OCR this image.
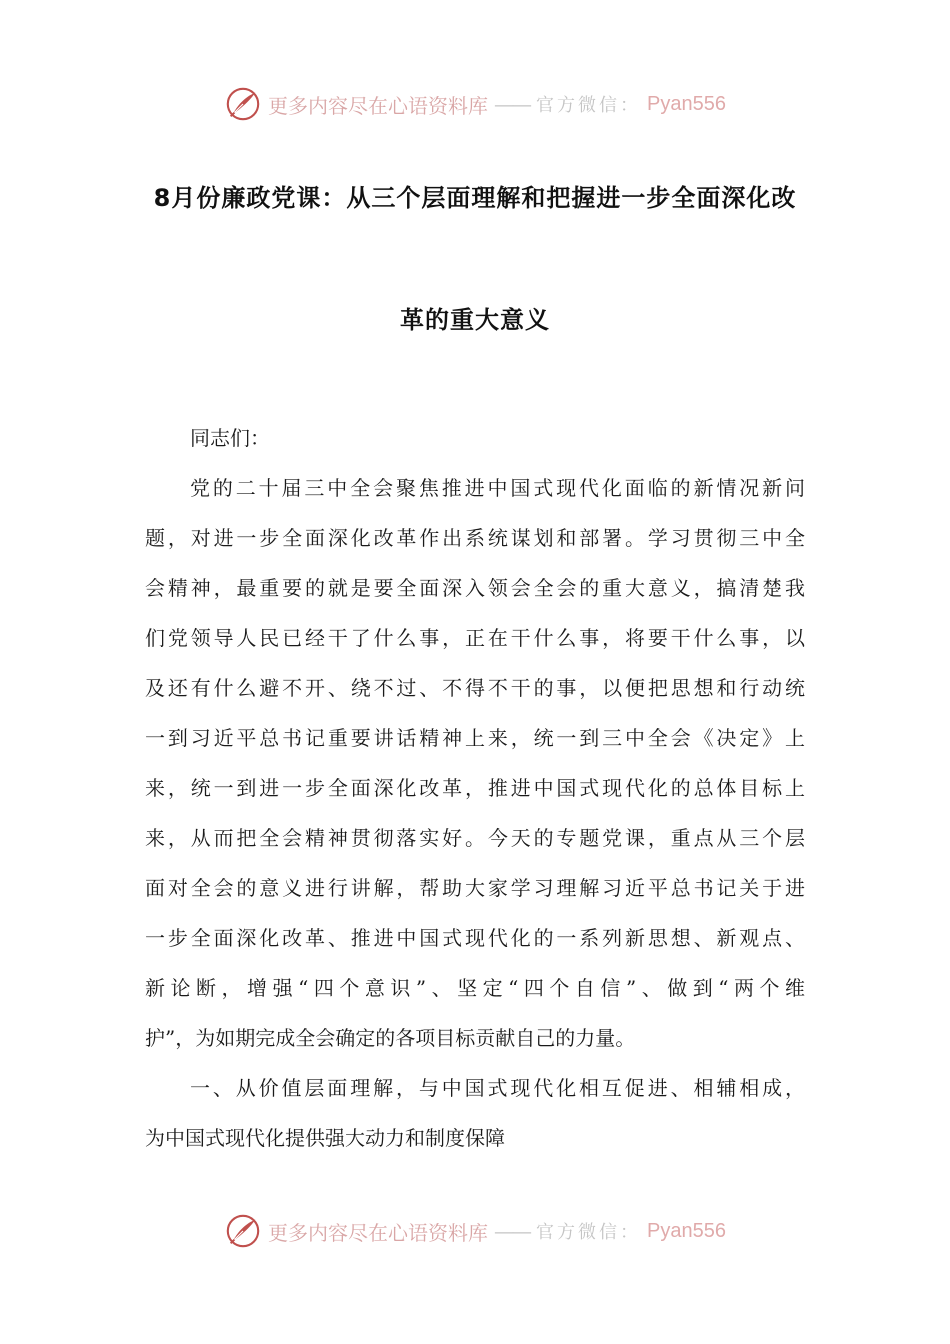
更多内容尽在心语资料库 —— 官方微信： Pyan556
8月份廉政党课：从三个层面理解和把握进一步全面深化改
革的重大意义
同志们：
党的二十届三中全会聚焦推进中国式现代化面临的新情况新问
题，对进一步全面深化改革作出系统谋划和部署。学习贯彻三中全
会精神，最重要的就是要全面深入领会全会的重大意义，搞清楚我
们党领导人民已经干了什么事，正在干什么事，将要干什么事，以
及还有什么避不开、绕不过、不得不干的事，以便把思想和行动统
一到习近平总书记重要讲话精神上来，统一到三中全会《决定》上
来，统一到进一步全面深化改革，推进中国式现代化的总体目标上
来，从而把全会精神贯彻落实好。今天的专题党课，重点从三个层
面对全会的意义进行讲解，帮助大家学习理解习近平总书记关于进
一步全面深化改革、推进中国式现代化的一系列新思想、新观点、
新论断，增强“四个意识”、坚定“四个自信”、做到“两个维
护”，为如期完成全会确定的各项目标贡献自己的力量。
一、从价值层面理解，与中国式现代化相互促进、相辅相成，
为中国式现代化提供强大动力和制度保障
更多内容尽在心语资料库 —— 官方微信： Pyan556
